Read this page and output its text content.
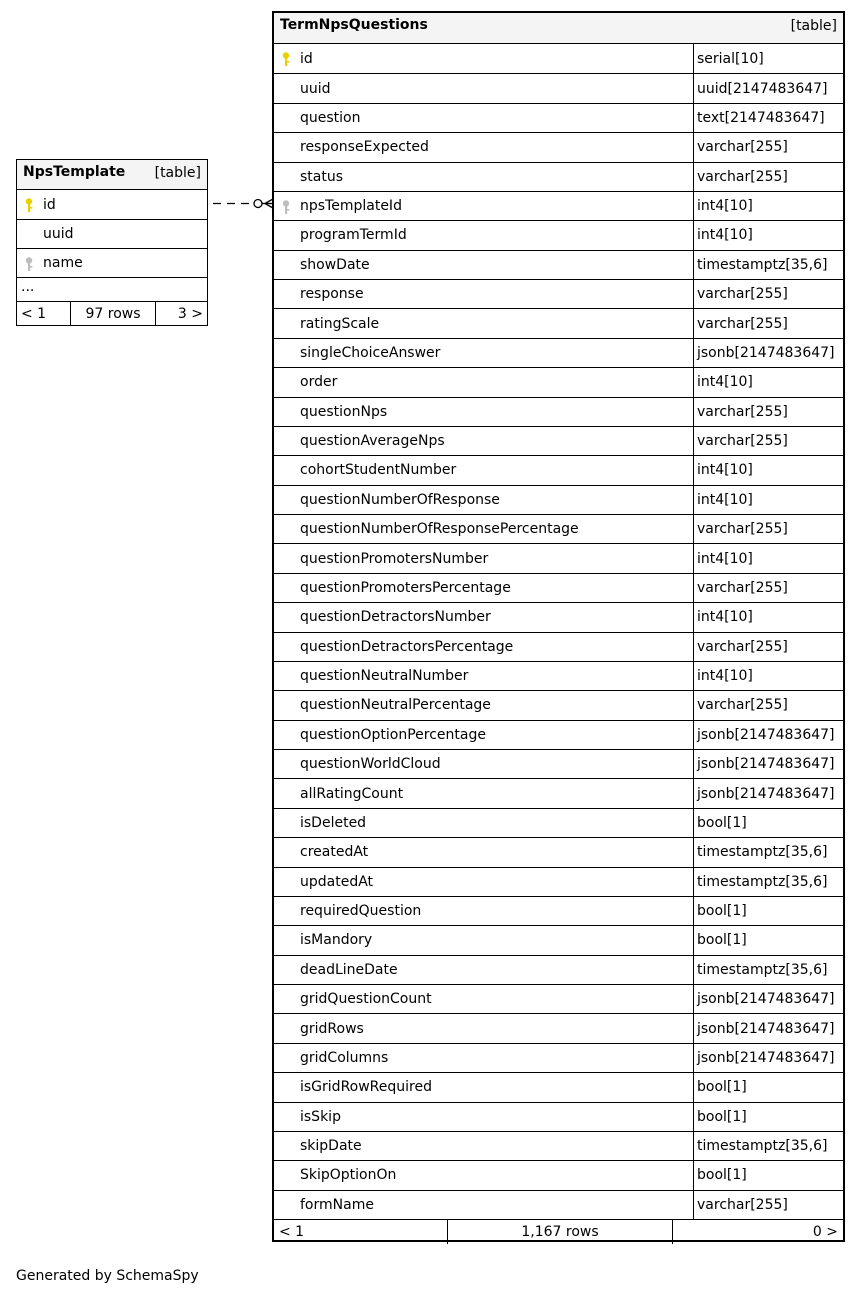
NpsTemplate [table]
id
uuid
name
...
< 1	97 rows	3 >
TermNpsQuestions	[table]
id	serial[10]
uuid	uuid[2147483647]
question	text[2147483647]
responseExpected	varchar[255]
status	varchar[255]
npsTemplateId	int4[10]
programTermId	int4[10]
showDate	timestamptz[35,6]
response	varchar[255]
ratingScale	varchar[255]
singleChoiceAnswer	jsonb[2147483647]
order	int4[10]
questionNps	varchar[255]
questionAverageNps	varchar[255]
cohortStudentNumber	int4[10]
questionNumberOfResponse	int4[10]
questionNumberOfResponsePercentage	varchar[255]
questionPromotersNumber	int4[10]
questionPromotersPercentage	varchar[255]
questionDetractorsNumber	int4[10]
questionDetractorsPercentage	varchar[255]
questionNeutralNumber	int4[10]
questionNeutralPercentage	varchar[255]
questionOptionPercentage	jsonb[2147483647]
questionWorldCloud	jsonb[2147483647]
allRatingCount	jsonb[2147483647]
isDeleted	bool[1]
createdAt	timestamptz[35,6]
updatedAt	timestamptz[35,6]
requiredQuestion	bool[1]
isMandory	bool[1]
deadLineDate	timestamptz[35,6]
gridQuestionCount	jsonb[2147483647]
gridRows	jsonb[2147483647]
gridColumns	jsonb[2147483647]
isGridRowRequired	bool[1]
isSkip	bool[1]
skipDate	timestamptz[35,6]
SkipOptionOn	bool[1]
formName	varchar[255]
< 1	1,167 rows	0 >
Generated by SchemaSpy
